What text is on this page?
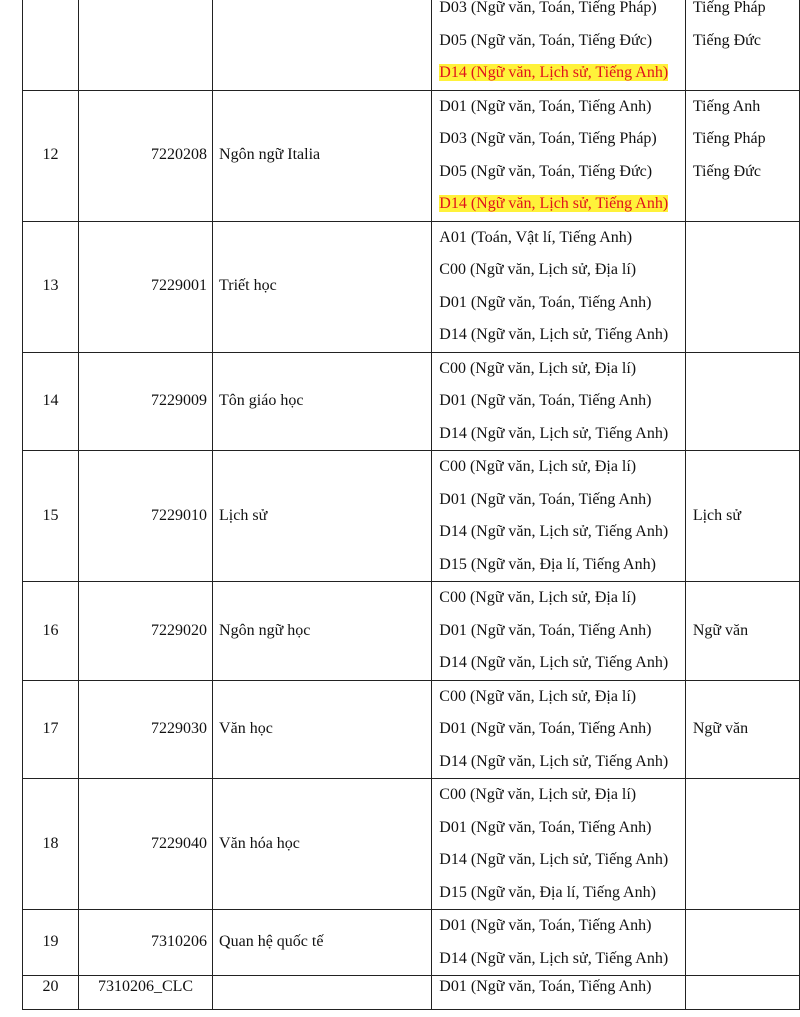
			D03 (Ngữ văn, Toán, Tiếng Pháp)
D05 (Ngữ văn, Toán, Tiếng Đức)
D14 (Ngữ văn, Lịch sử, Tiếng Anh)	Tiếng Pháp
Tiếng Đức

12	7220208	Ngôn ngữ Italia	D01 (Ngữ văn, Toán, Tiếng Anh)
D03 (Ngữ văn, Toán, Tiếng Pháp)
D05 (Ngữ văn, Toán, Tiếng Đức)
D14 (Ngữ văn, Lịch sử, Tiếng Anh)	Tiếng Anh
Tiếng Pháp
Tiếng Đức

13	7229001	Triết học	A01 (Toán, Vật lí, Tiếng Anh)
C00 (Ngữ văn, Lịch sử, Địa lí)
D01 (Ngữ văn, Toán, Tiếng Anh)
D14 (Ngữ văn, Lịch sử, Tiếng Anh)	

14	7229009	Tôn giáo học	C00 (Ngữ văn, Lịch sử, Địa lí)
D01 (Ngữ văn, Toán, Tiếng Anh)
D14 (Ngữ văn, Lịch sử, Tiếng Anh)	

15	7229010	Lịch sử	C00 (Ngữ văn, Lịch sử, Địa lí)
D01 (Ngữ văn, Toán, Tiếng Anh)
D14 (Ngữ văn, Lịch sử, Tiếng Anh)
D15 (Ngữ văn, Địa lí, Tiếng Anh)	Lịch sử

16	7229020	Ngôn ngữ học	C00 (Ngữ văn, Lịch sử, Địa lí)
D01 (Ngữ văn, Toán, Tiếng Anh)
D14 (Ngữ văn, Lịch sử, Tiếng Anh)	Ngữ văn

17	7229030	Văn học	C00 (Ngữ văn, Lịch sử, Địa lí)
D01 (Ngữ văn, Toán, Tiếng Anh)
D14 (Ngữ văn, Lịch sử, Tiếng Anh)	Ngữ văn

18	7229040	Văn hóa học	C00 (Ngữ văn, Lịch sử, Địa lí)
D01 (Ngữ văn, Toán, Tiếng Anh)
D14 (Ngữ văn, Lịch sử, Tiếng Anh)
D15 (Ngữ văn, Địa lí, Tiếng Anh)	

19	7310206	Quan hệ quốc tế	D01 (Ngữ văn, Toán, Tiếng Anh)
D14 (Ngữ văn, Lịch sử, Tiếng Anh)	

20	7310206_CLC		D01 (Ngữ văn, Toán, Tiếng Anh)	
